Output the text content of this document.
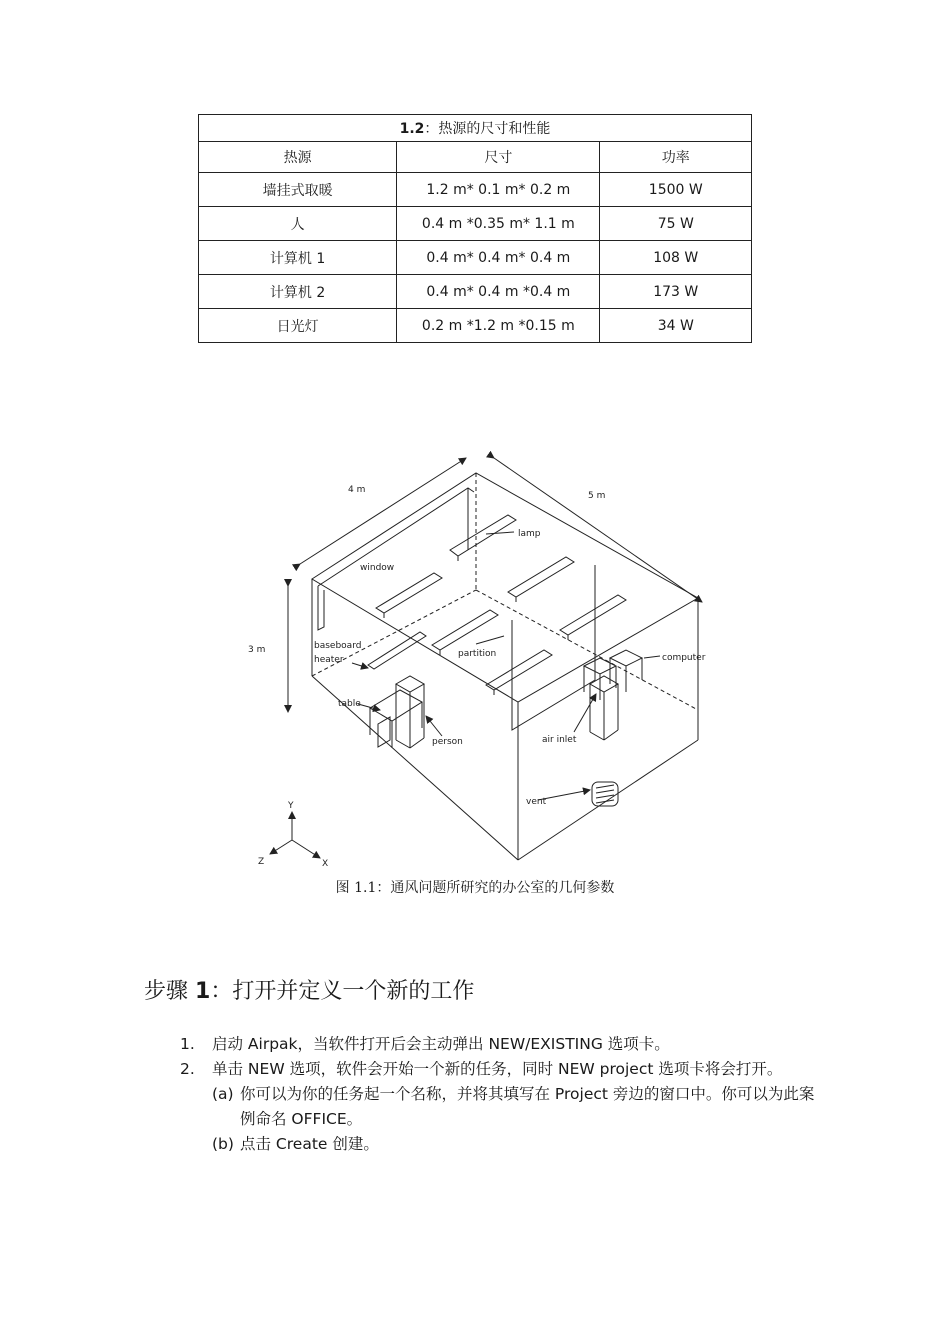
1.2：热源的尺寸和性能		
热源	尺寸	功率
墙挂式取暖	1.2 m* 0.1 m* 0.2 m	1500 W
人	0.4 m *0.35 m* 1.1 m	75 W
计算机 1	0.4 m* 0.4 m* 0.4 m	108 W
计算机 2	0.4 m* 0.4 m *0.4 m	173 W
日光灯	0.2 m *1.2 m *0.15 m	34 W
4 m
5 m
3 m
lamp
window
baseboard
heater
partition	computer
table
person	air inlet
vent
Y
X
Z
图 1.1：通风问题所研究的办公室的几何参数
步骤 1：打开并定义一个新的工作
1. 启动 Airpak，当软件打开后会主动弹出 NEW/EXISTING 选项卡。
2. 单击 NEW 选项，软件会开始一个新的任务，同时 NEW project 选项卡将会打开。
(a) 你可以为你的任务起一个名称，并将其填写在 Project 旁边的窗口中。你可以为此案例命名 OFFICE。
(b) 点击 Create 创建。
